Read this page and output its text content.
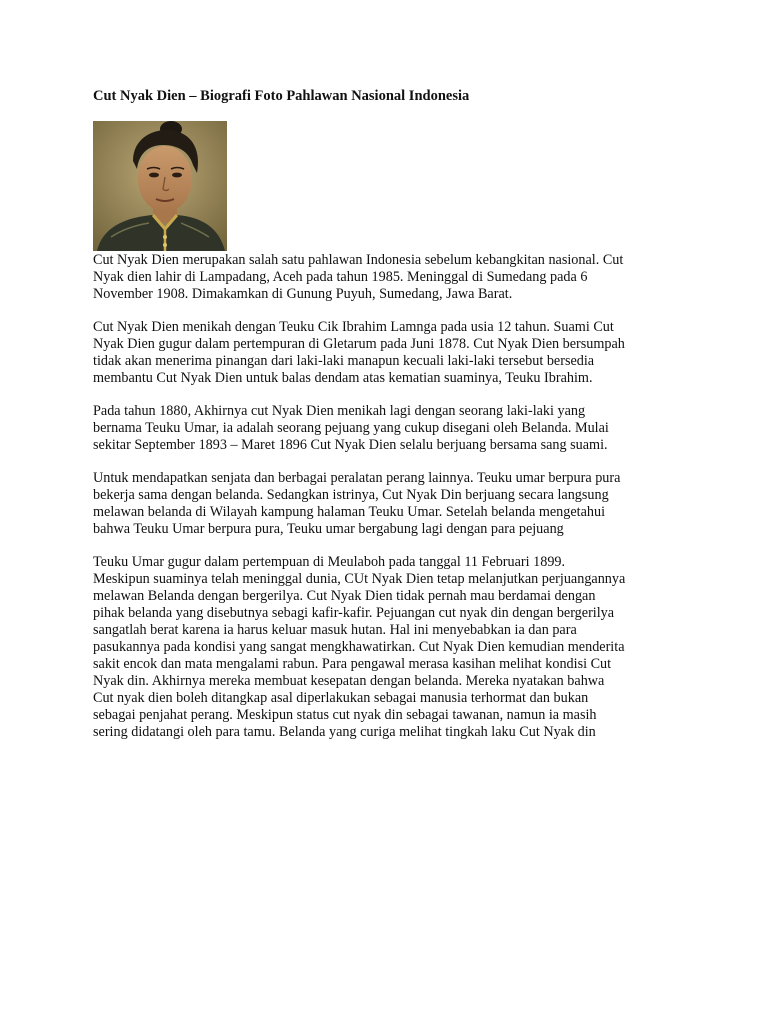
Cut Nyak Dien – Biografi Foto Pahlawan Nasional Indonesia

Cut Nyak Dien merupakan salah satu pahlawan Indonesia sebelum kebangkitan nasional. Cut
Nyak dien lahir di Lampadang, Aceh pada tahun 1985. Meninggal di Sumedang pada 6
November 1908. Dimakamkan di Gunung Puyuh, Sumedang, Jawa Barat.

Cut Nyak Dien menikah dengan Teuku Cik Ibrahim Lamnga pada usia 12 tahun. Suami Cut
Nyak Dien gugur dalam pertempuran di Gletarum pada Juni 1878. Cut Nyak Dien bersumpah
tidak akan menerima pinangan dari laki-laki manapun kecuali laki-laki tersebut bersedia
membantu Cut Nyak Dien untuk balas dendam atas kematian suaminya, Teuku Ibrahim.

Pada tahun 1880, Akhirnya cut Nyak Dien menikah lagi dengan seorang laki-laki yang
bernama Teuku Umar, ia adalah seorang pejuang yang cukup disegani oleh Belanda. Mulai
sekitar September 1893 – Maret 1896 Cut Nyak Dien selalu berjuang bersama sang suami.

Untuk mendapatkan senjata dan berbagai peralatan perang lainnya. Teuku umar berpura pura
bekerja sama dengan belanda. Sedangkan istrinya, Cut Nyak Din berjuang secara langsung
melawan belanda di Wilayah kampung halaman Teuku Umar. Setelah belanda mengetahui
bahwa Teuku Umar berpura pura, Teuku umar bergabung lagi dengan para pejuang

Teuku Umar gugur dalam pertempuan di Meulaboh pada tanggal 11 Februari 1899.
Meskipun suaminya telah meninggal dunia, CUt Nyak Dien tetap melanjutkan perjuangannya
melawan Belanda dengan bergerilya. Cut Nyak Dien tidak pernah mau berdamai dengan
pihak belanda yang disebutnya sebagi kafir-kafir. Pejuangan cut nyak din dengan bergerilya
sangatlah berat karena ia harus keluar masuk hutan. Hal ini menyebabkan ia dan para
pasukannya pada kondisi yang sangat mengkhawatirkan. Cut Nyak Dien kemudian menderita
sakit encok dan mata mengalami rabun. Para pengawal merasa kasihan melihat kondisi Cut
Nyak din. Akhirnya mereka membuat kesepatan dengan belanda. Mereka nyatakan bahwa
Cut nyak dien boleh ditangkap asal diperlakukan sebagai manusia terhormat dan bukan
sebagai penjahat perang. Meskipun status cut nyak din sebagai tawanan, namun ia masih
sering didatangi oleh para tamu. Belanda yang curiga melihat tingkah laku Cut Nyak din
